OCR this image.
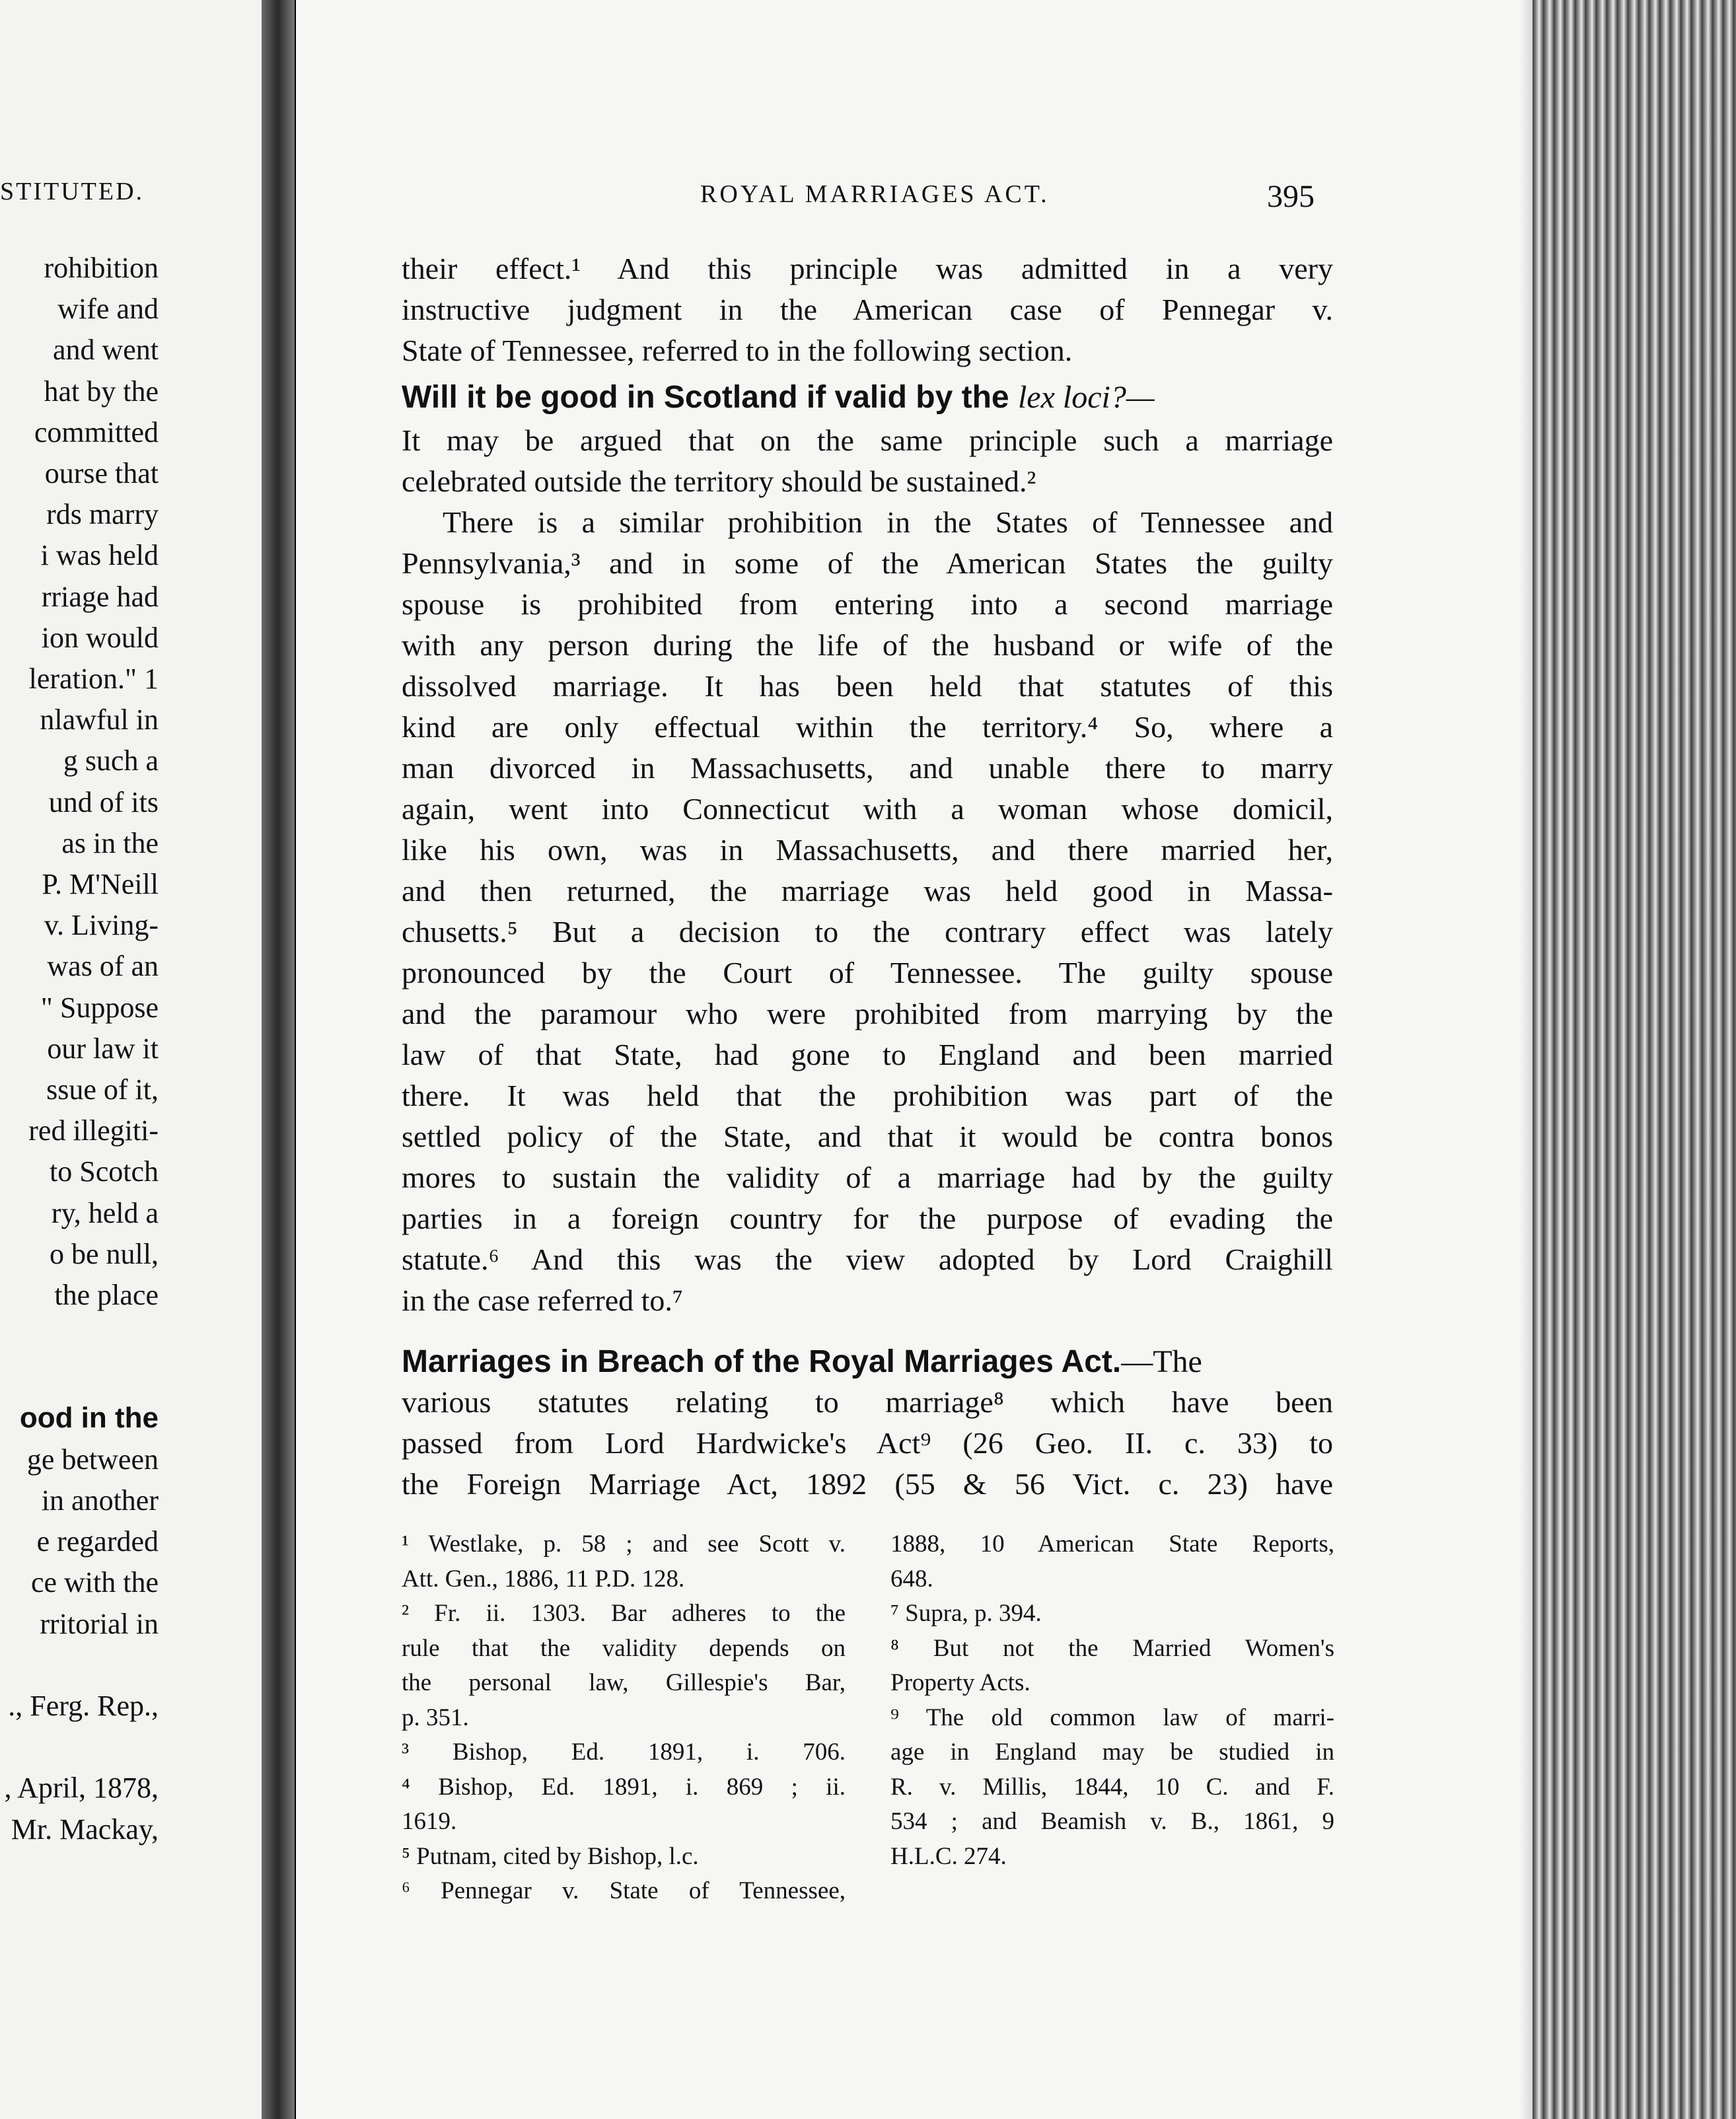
STITUTED.
rohibition
wife and
and went
hat by the
committed
ourse that
rds marry
i was held
rriage had
ion would
leration." 1
nlawful in
g such a
und of its
as in the
P. M'Neill
v. Living-
was of an
" Suppose
our law it
ssue of it,
red illegiti-
to Scotch
ry, held a
o be null,
the place
ood in the
ge between
in another
e regarded
ce with the
rritorial in
., Ferg. Rep.,
, April, 1878,
Mr. Mackay,
ROYAL MARRIAGES ACT.	395
their effect.¹ And this principle was admitted in a very
instructive judgment in the American case of Pennegar v.
State of Tennessee, referred to in the following section.
It may be argued that on the same principle such a marriage
celebrated outside the territory should be sustained.²
There is a similar prohibition in the States of Tennessee and
Pennsylvania,³ and in some of the American States the guilty
spouse is prohibited from entering into a second marriage
with any person during the life of the husband or wife of the
dissolved marriage. It has been held that statutes of this
kind are only effectual within the territory.⁴ So, where a
man divorced in Massachusetts, and unable there to marry
again, went into Connecticut with a woman whose domicil,
like his own, was in Massachusetts, and there married her,
and then returned, the marriage was held good in Massa-
chusetts.⁵ But a decision to the contrary effect was lately
pronounced by the Court of Tennessee. The guilty spouse
and the paramour who were prohibited from marrying by the
law of that State, had gone to England and been married
there. It was held that the prohibition was part of the
settled policy of the State, and that it would be contra bonos
mores to sustain the validity of a marriage had by the guilty
parties in a foreign country for the purpose of evading the
statute.⁶ And this was the view adopted by Lord Craighill
in the case referred to.⁷
various statutes relating to marriage⁸ which have been
passed from Lord Hardwicke's Act⁹ (26 Geo. II. c. 33) to
the Foreign Marriage Act, 1892 (55 & 56 Vict. c. 23) have
Will it be good in Scotland if valid by the lex loci?—
Marriages in Breach of the Royal Marriages Act.—The
¹ Westlake, p. 58 ; and see Scott v.
Att. Gen., 1886, 11 P.D. 128.
² Fr. ii. 1303. Bar adheres to the
rule that the validity depends on
the personal law, Gillespie's Bar,
p. 351.
³ Bishop, Ed. 1891, i. 706.
⁴ Bishop, Ed. 1891, i. 869 ; ii.
1619.
⁵ Putnam, cited by Bishop, l.c.
⁶ Pennegar v. State of Tennessee,
1888, 10 American State Reports,
648.
⁷ Supra, p. 394.
⁸ But not the Married Women's
Property Acts.
⁹ The old common law of marri-
age in England may be studied in
R. v. Millis, 1844, 10 C. and F.
534 ; and Beamish v. B., 1861, 9
H.L.C. 274.
